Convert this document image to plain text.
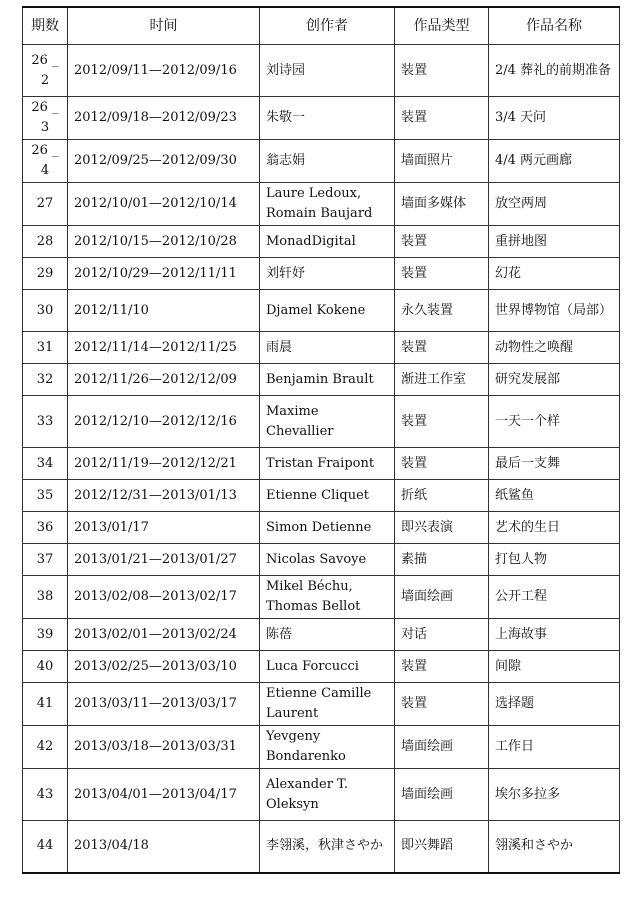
期数	时间	创作者	作品类型	作品名称
26 _ 2	2012/09/11—2012/09/16	刘诗园	装置	2/4 葬礼的前期准备
26 _ 3	2012/09/18—2012/09/23	朱敬一	装置	3/4 天问
26 _ 4	2012/09/25—2012/09/30	翁志娟	墙面照片	4/4 两元画廊
27	2012/10/01—2012/10/14	Laure Ledoux, Romain Baujard	墙面多媒体	放空两周
28	2012/10/15—2012/10/28	MonadDigital	装置	重拼地图
29	2012/10/29—2012/11/11	刘轩妤	装置	幻花
30	2012/11/10	Djamel Kokene	永久装置	世界博物馆（局部）
31	2012/11/14—2012/11/25	雨晨	装置	动物性之唤醒
32	2012/11/26—2012/12/09	Benjamin Brault	渐进工作室	研究发展部
33	2012/12/10—2012/12/16	Maxime Chevallier	装置	一天一个样
34	2012/11/19—2012/12/21	Tristan Fraipont	装置	最后一支舞
35	2012/12/31—2013/01/13	Etienne Cliquet	折纸	纸鲨鱼
36	2013/01/17	Simon Detienne	即兴表演	艺术的生日
37	2013/01/21—2013/01/27	Nicolas Savoye	素描	打包人物
38	2013/02/08—2013/02/17	Mikel Béchu, Thomas Bellot	墙面绘画	公开工程
39	2013/02/01—2013/02/24	陈蓓	对话	上海故事
40	2013/02/25—2013/03/10	Luca Forcucci	装置	间隙
41	2013/03/11—2013/03/17	Etienne Camille Laurent	装置	选择题
42	2013/03/18—2013/03/31	Yevgeny Bondarenko	墙面绘画	工作日
43	2013/04/01—2013/04/17	Alexander T. Oleksyn	墙面绘画	埃尔多拉多
44	2013/04/18	李翎溪，秋津さやか	即兴舞蹈	翎溪和さやか
